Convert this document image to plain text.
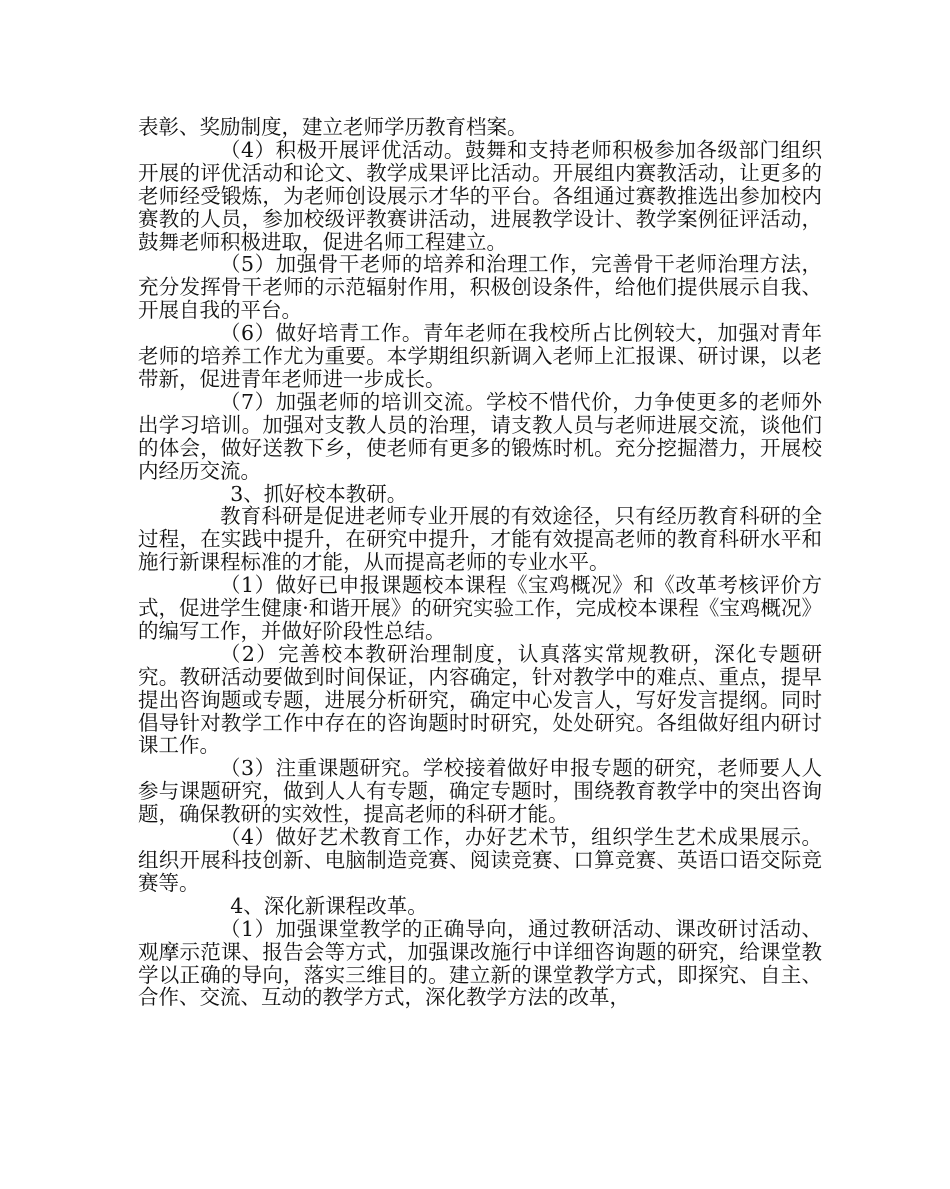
表彰、奖励制度，建立老师学历教育档案。

（4）积极开展评优活动。鼓舞和支持老师积极参加各级部门组织开展的评优活动和论文、教学成果评比活动。开展组内赛教活动，让更多的老师经受锻炼，为老师创设展示才华的平台。各组通过赛教推选出参加校内赛教的人员，参加校级评教赛讲活动，进展教学设计、教学案例征评活动，鼓舞老师积极进取，促进名师工程建立。

（5）加强骨干老师的培养和治理工作，完善骨干老师治理方法，充分发挥骨干老师的示范辐射作用，积极创设条件，给他们提供展示自我、开展自我的平台。

（6）做好培青工作。青年老师在我校所占比例较大，加强对青年老师的培养工作尤为重要。本学期组织新调入老师上汇报课、研讨课，以老带新，促进青年老师进一步成长。

（7）加强老师的培训交流。学校不惜代价，力争使更多的老师外出学习培训。加强对支教人员的治理，请支教人员与老师进展交流，谈他们的体会，做好送教下乡，使老师有更多的锻炼时机。充分挖掘潜力，开展校内经历交流。

3、抓好校本教研。

教育科研是促进老师专业开展的有效途径，只有经历教育科研的全过程，在实践中提升，在研究中提升，才能有效提高老师的教育科研水平和施行新课程标准的才能，从而提高老师的专业水平。

（1）做好已申报课题校本课程《宝鸡概况》和《改革考核评价方式，促进学生健康·和谐开展》的研究实验工作，完成校本课程《宝鸡概况》的编写工作，并做好阶段性总结。

（2）完善校本教研治理制度，认真落实常规教研，深化专题研究。教研活动要做到时间保证，内容确定，针对教学中的难点、重点，提早提出咨询题或专题，进展分析研究，确定中心发言人，写好发言提纲。同时倡导针对教学工作中存在的咨询题时时研究，处处研究。各组做好组内研讨课工作。

（3）注重课题研究。学校接着做好申报专题的研究，老师要人人参与课题研究，做到人人有专题，确定专题时，围绕教育教学中的突出咨询题，确保教研的实效性，提高老师的科研才能。

（4）做好艺术教育工作，办好艺术节，组织学生艺术成果展示。组织开展科技创新、电脑制造竞赛、阅读竞赛、口算竞赛、英语口语交际竞赛等。

4、深化新课程改革。

（1）加强课堂教学的正确导向，通过教研活动、课改研讨活动、观摩示范课、报告会等方式，加强课改施行中详细咨询题的研究，给课堂教学以正确的导向，落实三维目的。建立新的课堂教学方式，即探究、自主、合作、交流、互动的教学方式，深化教学方法的改革，
